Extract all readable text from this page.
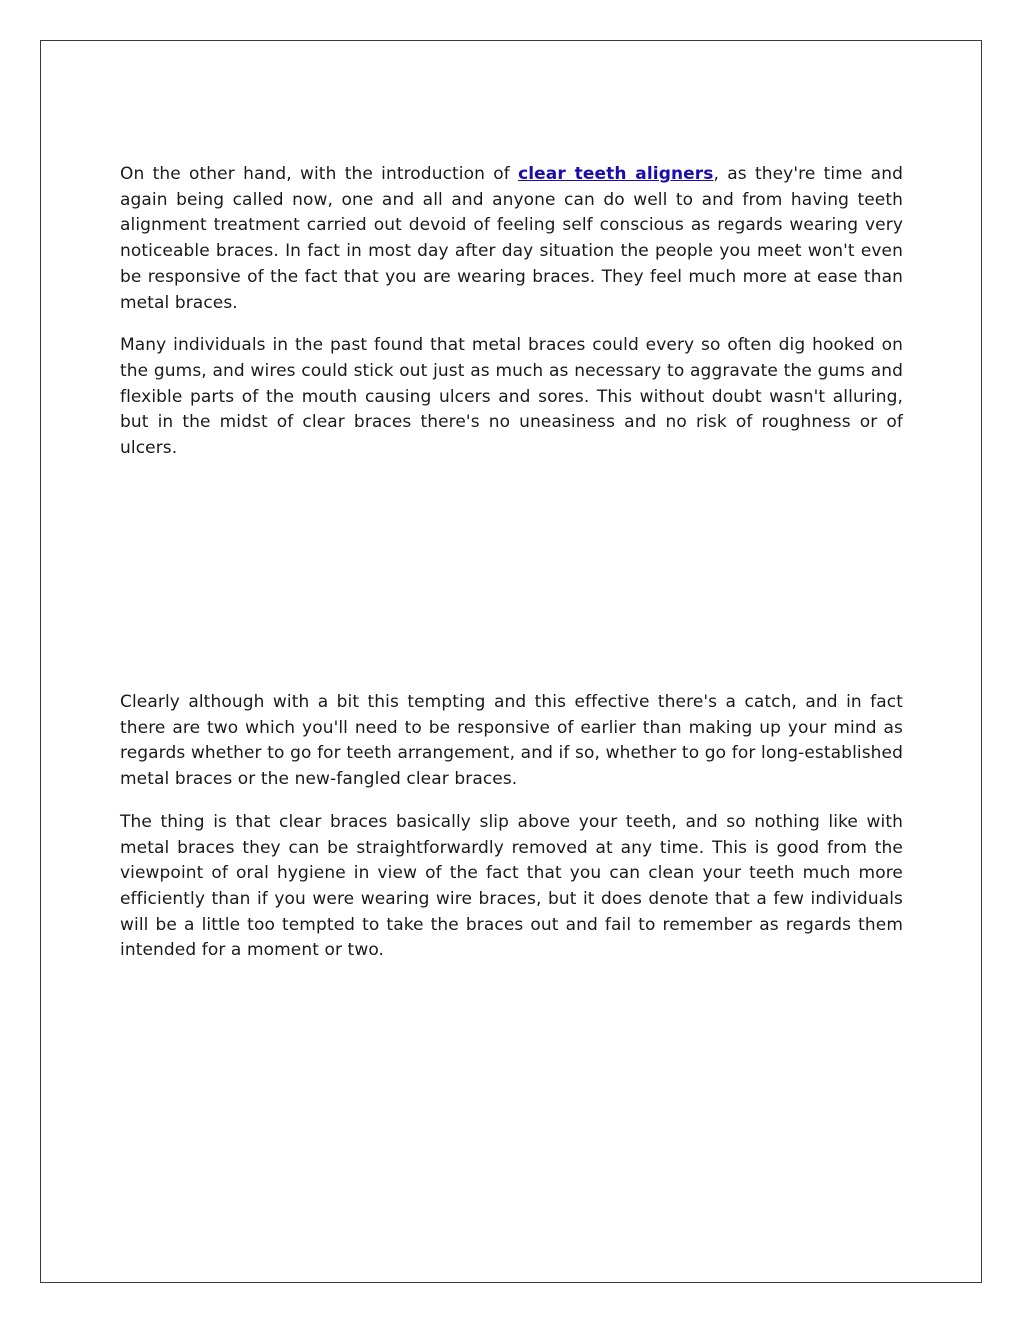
On the other hand, with the introduction of clear teeth aligners, as they're time and again being called now, one and all and anyone can do well to and from having teeth alignment treatment carried out devoid of feeling self conscious as regards wearing very noticeable braces. In fact in most day after day situation the people you meet won't even be responsive of the fact that you are wearing braces. They feel much more at ease than metal braces.

Many individuals in the past found that metal braces could every so often dig hooked on the gums, and wires could stick out just as much as necessary to aggravate the gums and flexible parts of the mouth causing ulcers and sores. This without doubt wasn't alluring, but in the midst of clear braces there's no uneasiness and no risk of roughness or of ulcers.

Clearly although with a bit this tempting and this effective there's a catch, and in fact there are two which you'll need to be responsive of earlier than making up your mind as regards whether to go for teeth arrangement, and if so, whether to go for long-established metal braces or the new-fangled clear braces.

The thing is that clear braces basically slip above your teeth, and so nothing like with metal braces they can be straightforwardly removed at any time. This is good from the viewpoint of oral hygiene in view of the fact that you can clean your teeth much more efficiently than if you were wearing wire braces, but it does denote that a few individuals will be a little too tempted to take the braces out and fail to remember as regards them intended for a moment or two.
